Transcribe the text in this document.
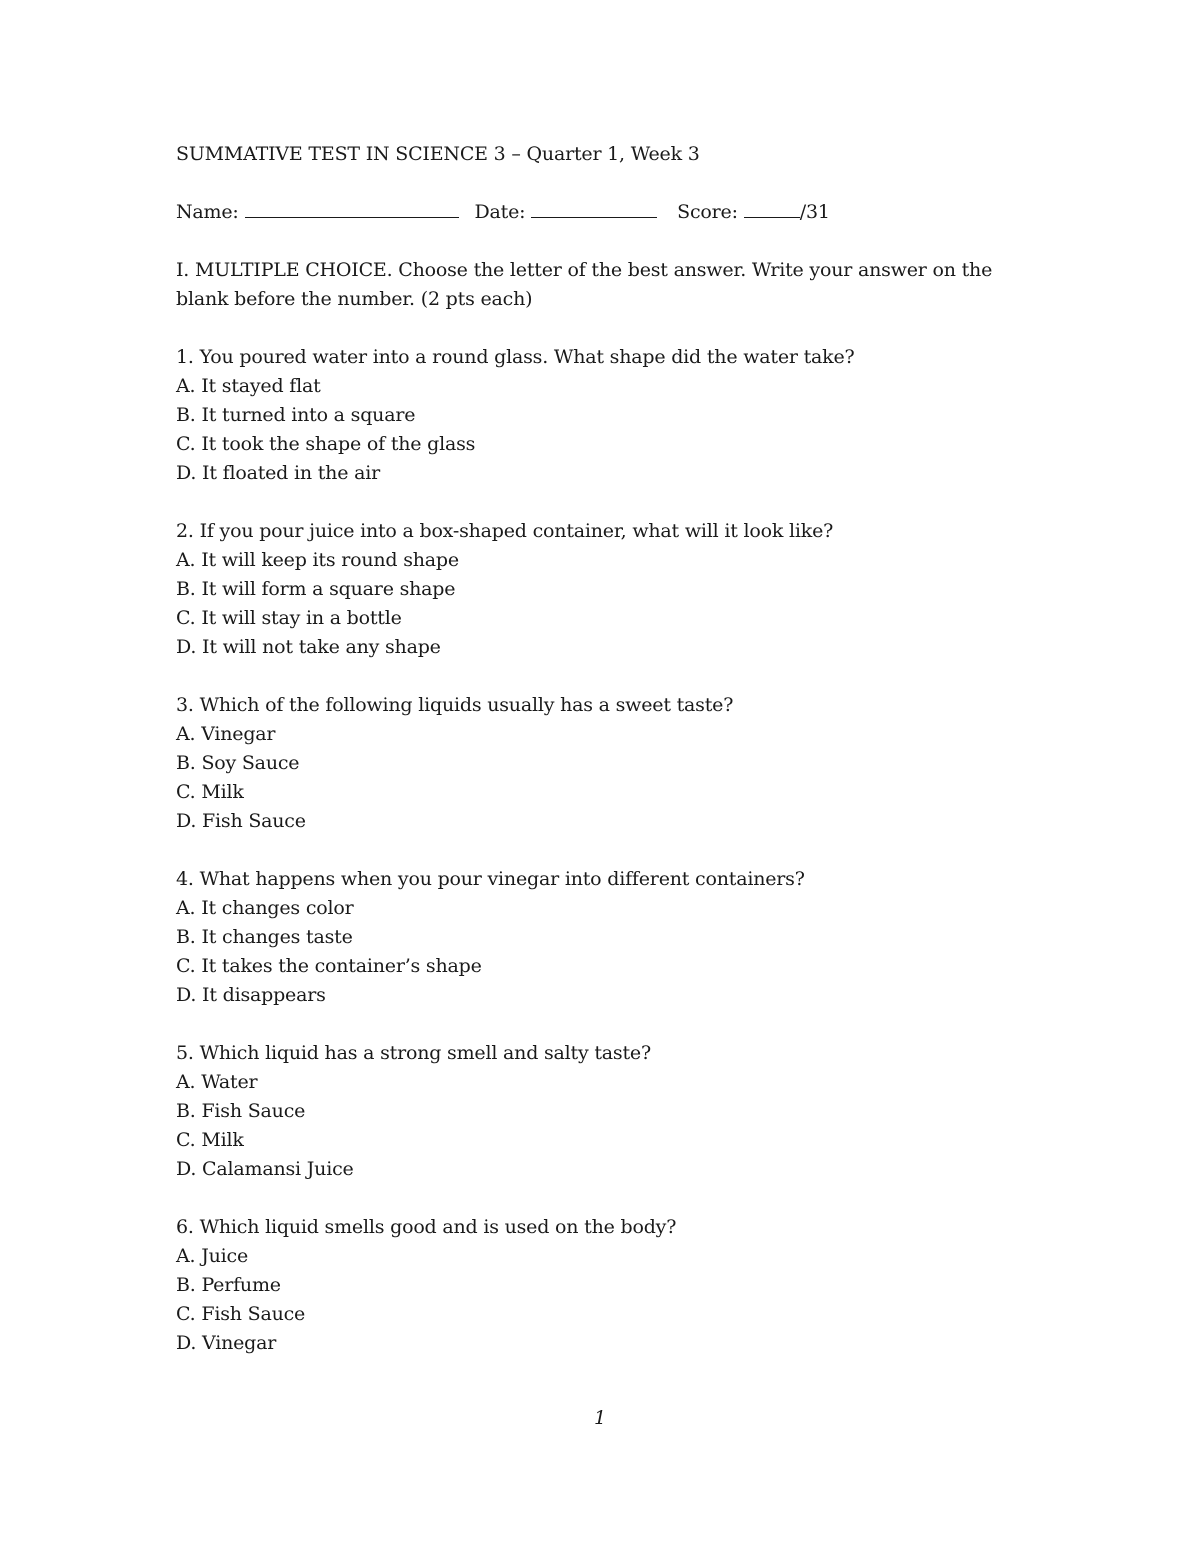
SUMMATIVE TEST IN SCIENCE 3 – Quarter 1, Week 3
Name:	Date:	Score:	/31
I. MULTIPLE CHOICE. Choose the letter of the best answer. Write your answer on the blank before the number. (2 pts each)
1. You poured water into a round glass. What shape did the water take?
A. It stayed flat
B. It turned into a square
C. It took the shape of the glass
D. It floated in the air
2. If you pour juice into a box-shaped container, what will it look like?
A. It will keep its round shape
B. It will form a square shape
C. It will stay in a bottle
D. It will not take any shape
3. Which of the following liquids usually has a sweet taste?
A. Vinegar
B. Soy Sauce
C. Milk
D. Fish Sauce
4. What happens when you pour vinegar into different containers?
A. It changes color
B. It changes taste
C. It takes the container’s shape
D. It disappears
5. Which liquid has a strong smell and salty taste?
A. Water
B. Fish Sauce
C. Milk
D. Calamansi Juice
6. Which liquid smells good and is used on the body?
A. Juice
B. Perfume
C. Fish Sauce
D. Vinegar
1
